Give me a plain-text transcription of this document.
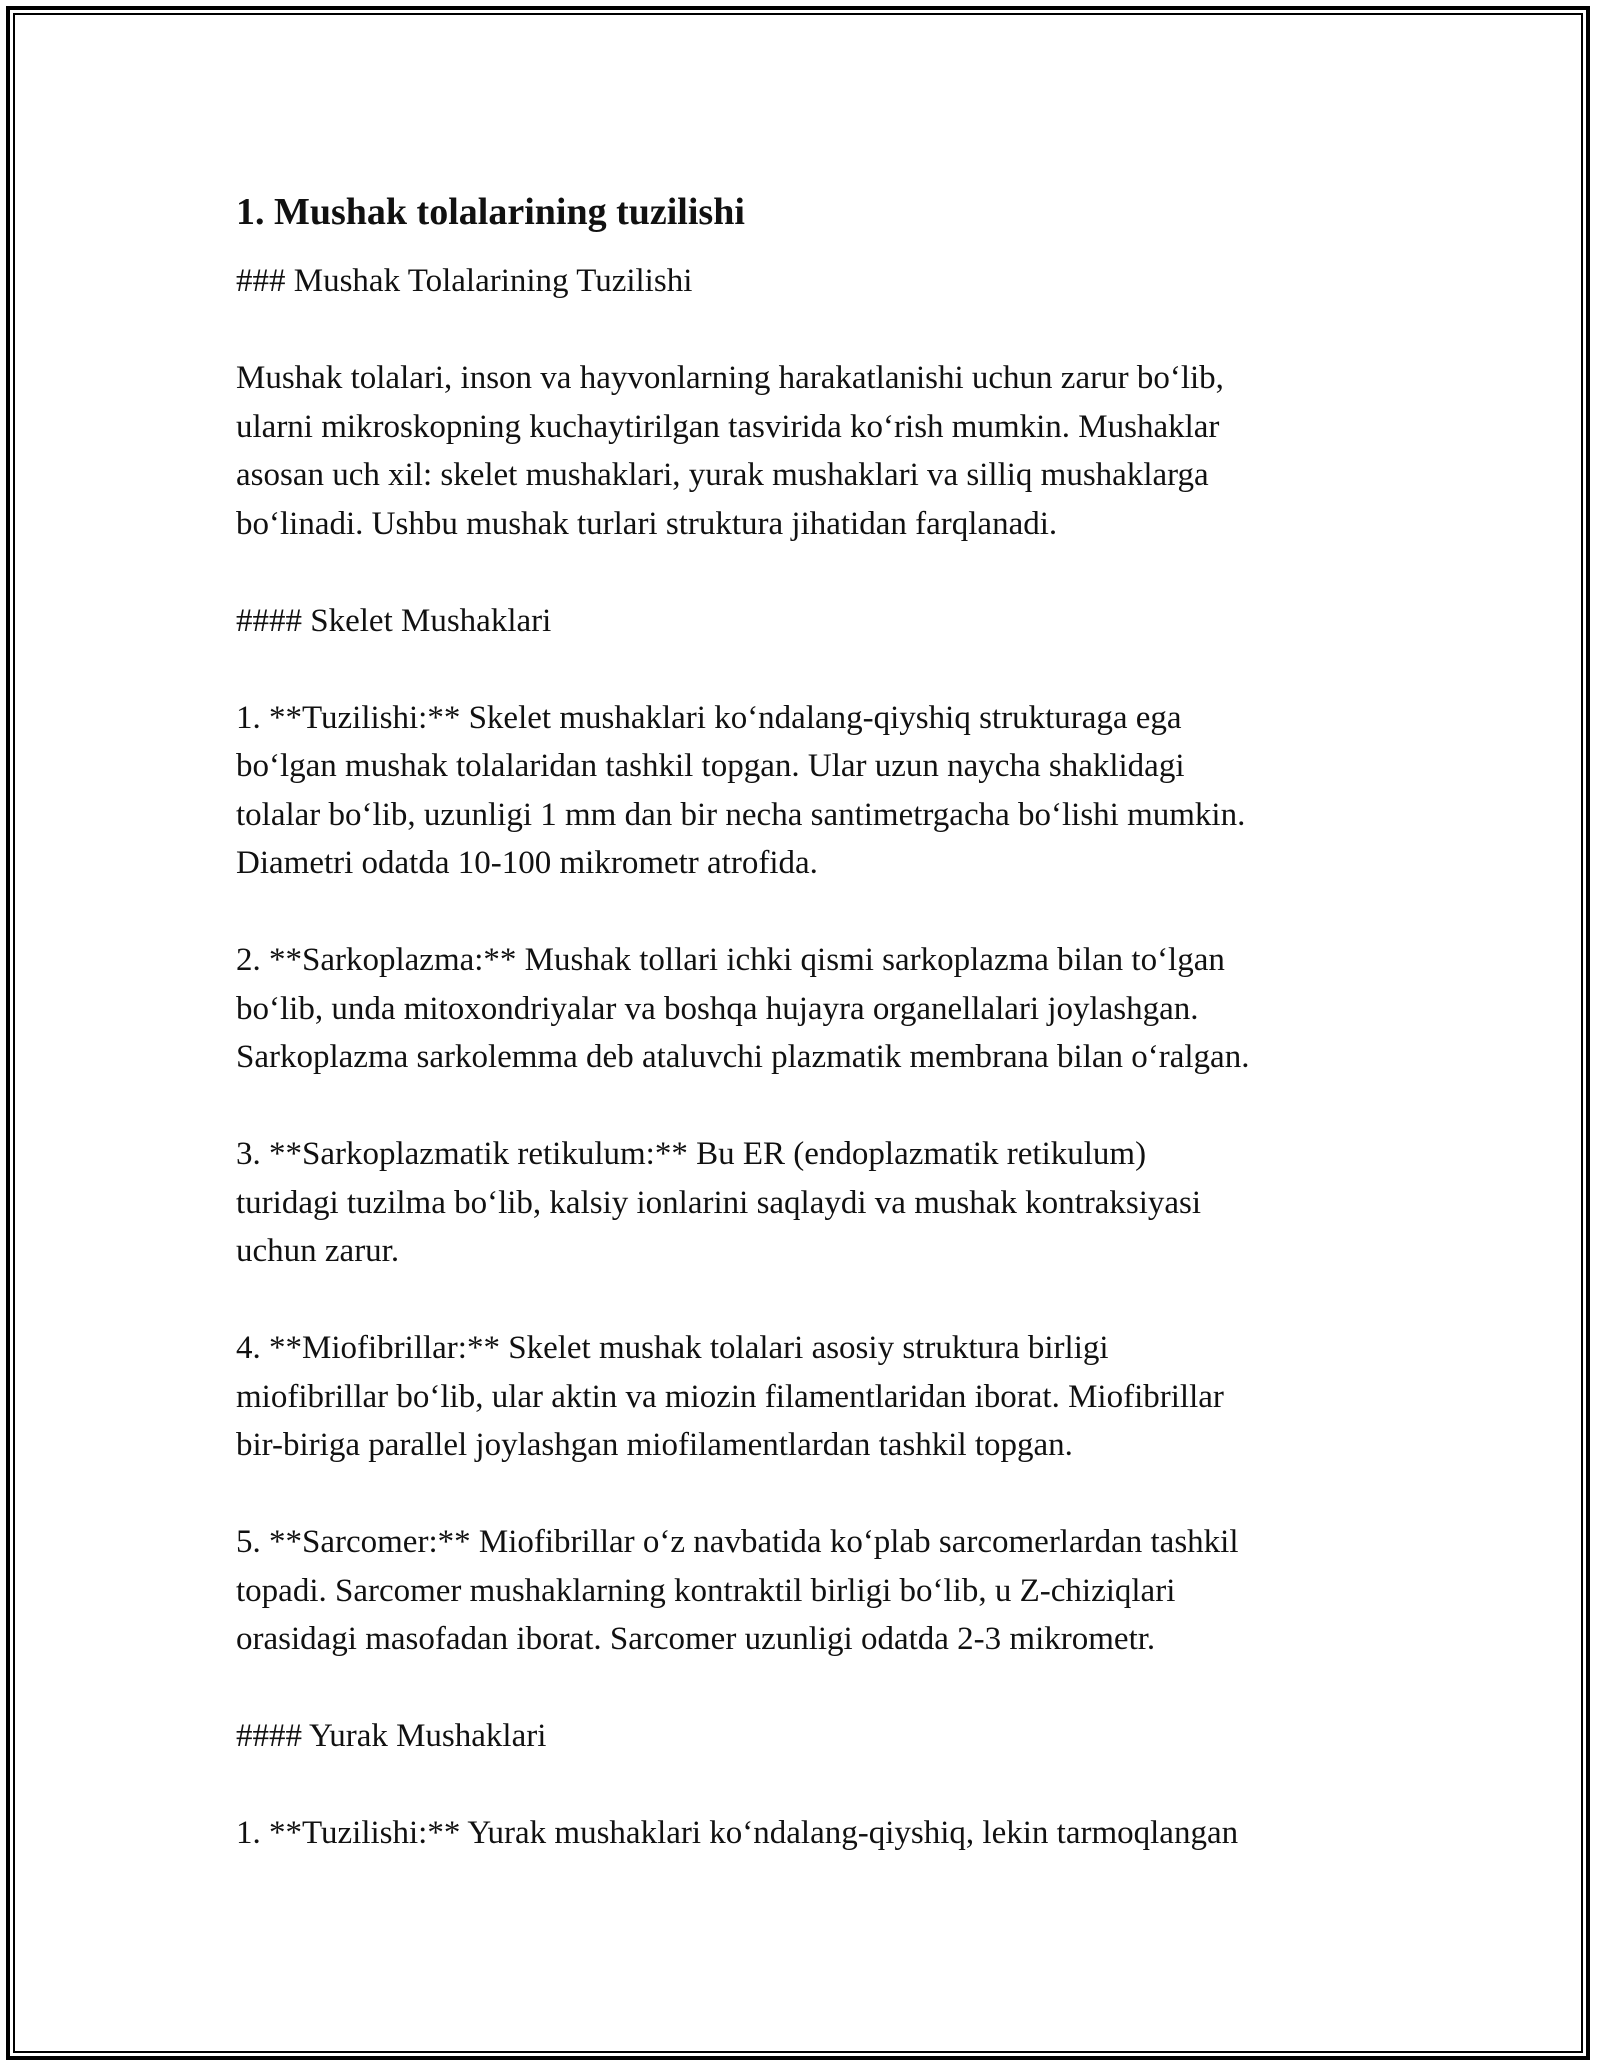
1. Mushak tolalarining tuzilishi
### Mushak Tolalarining Tuzilishi
Mushak tolalari, inson va hayvonlarning harakatlanishi uchun zarur bo‘lib,
ularni mikroskopning kuchaytirilgan tasvirida ko‘rish mumkin. Mushaklar
asosan uch xil: skelet mushaklari, yurak mushaklari va silliq mushaklarga
bo‘linadi. Ushbu mushak turlari struktura jihatidan farqlanadi.
#### Skelet Mushaklari
1. **Tuzilishi:** Skelet mushaklari ko‘ndalang-qiyshiq strukturaga ega
bo‘lgan mushak tolalaridan tashkil topgan. Ular uzun naycha shaklidagi
tolalar bo‘lib, uzunligi 1 mm dan bir necha santimetrgacha bo‘lishi mumkin.
Diametri odatda 10-100 mikrometr atrofida.
2. **Sarkoplazma:** Mushak tollari ichki qismi sarkoplazma bilan to‘lgan
bo‘lib, unda mitoxondriyalar va boshqa hujayra organellalari joylashgan.
Sarkoplazma sarkolemma deb ataluvchi plazmatik membrana bilan o‘ralgan.
3. **Sarkoplazmatik retikulum:** Bu ER (endoplazmatik retikulum)
turidagi tuzilma bo‘lib, kalsiy ionlarini saqlaydi va mushak kontraksiyasi
uchun zarur.
4. **Miofibrillar:** Skelet mushak tolalari asosiy struktura birligi
miofibrillar bo‘lib, ular aktin va miozin filamentlaridan iborat. Miofibrillar
bir-biriga parallel joylashgan miofilamentlardan tashkil topgan.
5. **Sarcomer:** Miofibrillar o‘z navbatida ko‘plab sarcomerlardan tashkil
topadi. Sarcomer mushaklarning kontraktil birligi bo‘lib, u Z-chiziqlari
orasidagi masofadan iborat. Sarcomer uzunligi odatda 2-3 mikrometr.
#### Yurak Mushaklari
1. **Tuzilishi:** Yurak mushaklari ko‘ndalang-qiyshiq, lekin tarmoqlangan
